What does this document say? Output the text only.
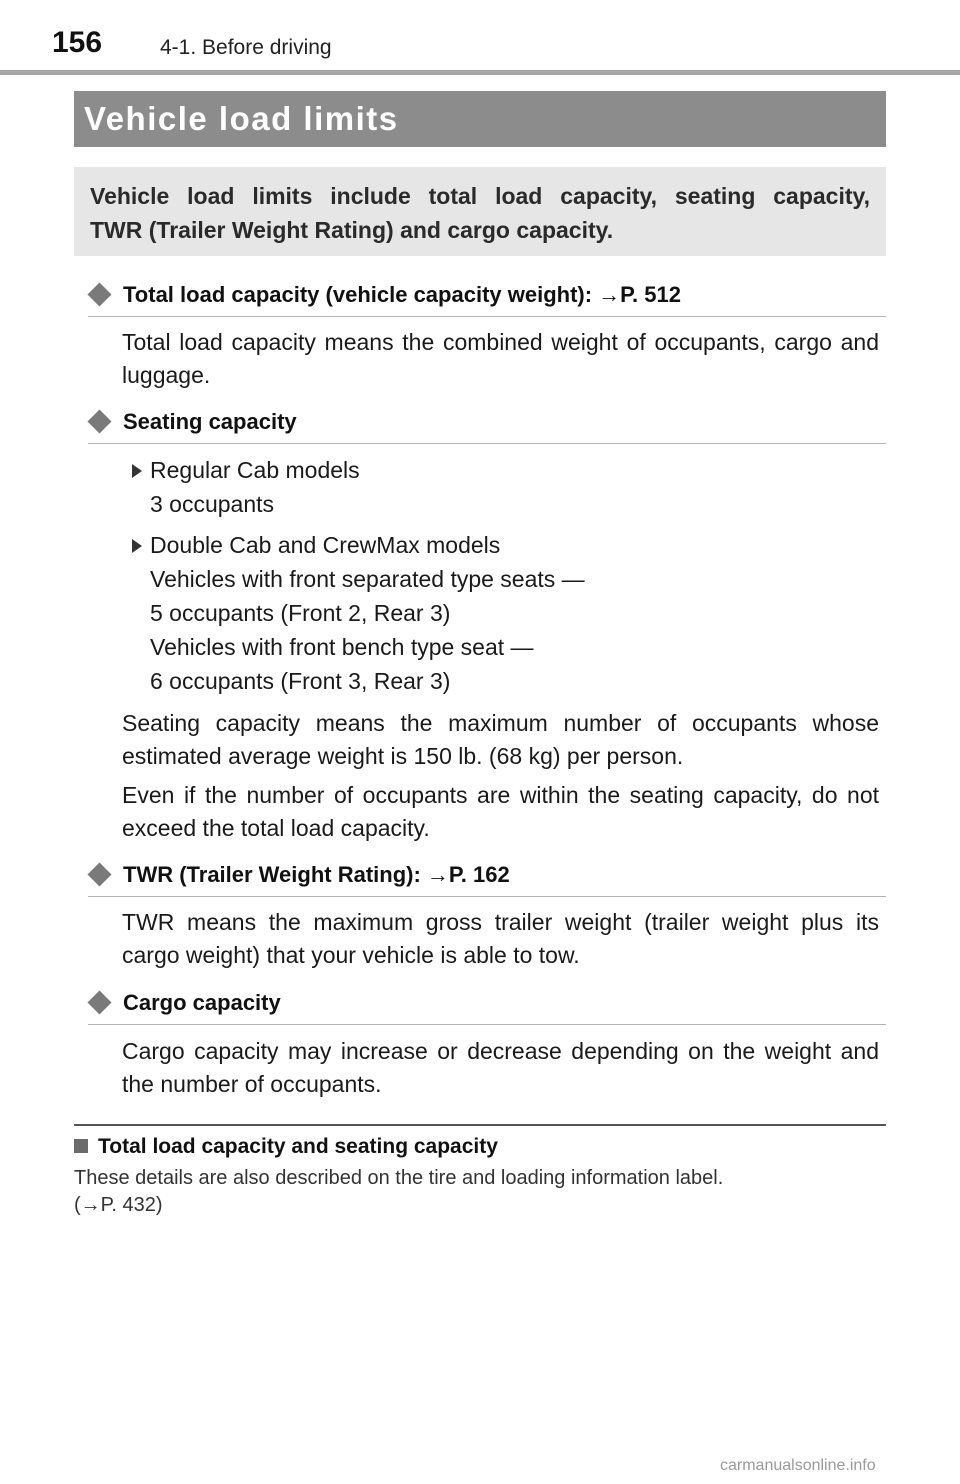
156	4-1. Before driving
Vehicle load limits

Vehicle load limits include total load capacity, seating capacity,

TWR (Trailer Weight Rating) and cargo capacity.

Total load capacity (vehicle capacity weight): →P. 512

Total load capacity means the combined weight of occupants, cargo and luggage.

Seating capacity
Regular Cab models
3 occupants
Double Cab and CrewMax models
Vehicles with front separated type seats —
5 occupants (Front 2, Rear 3)
Vehicles with front bench type seat —
6 occupants (Front 3, Rear 3)

Seating capacity means the maximum number of occupants whose estimated average weight is 150 lb. (68 kg) per person.

Even if the number of occupants are within the seating capacity, do not exceed the total load capacity.

TWR (Trailer Weight Rating): →P. 162

TWR means the maximum gross trailer weight (trailer weight plus its cargo weight) that your vehicle is able to tow.

Cargo capacity

Cargo capacity may increase or decrease depending on the weight and the number of occupants.

Total load capacity and seating capacity
These details are also described on the tire and loading information label.
(→P. 432)
carmanualsonline.info
